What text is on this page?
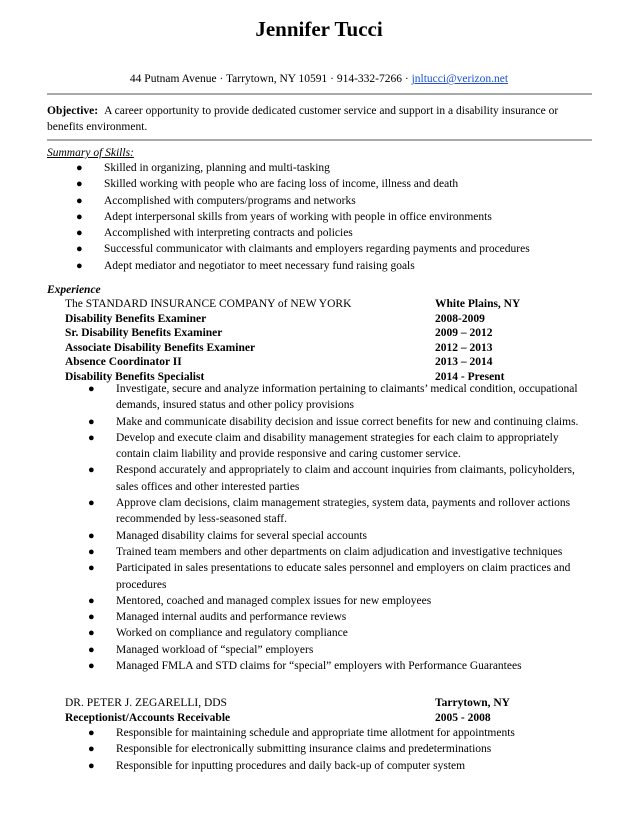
Jennifer Tucci
44 Putnam Avenue · Tarrytown, NY 10591 · 914-332-7266 · jnltucci@verizon.net
Objective: A career opportunity to provide dedicated customer service and support in a disability insurance or benefits environment.
Summary of Skills:
●	Skilled in organizing, planning and multi-tasking
●	Skilled working with people who are facing loss of income, illness and death
●	Accomplished with computers/programs and networks
●	Adept interpersonal skills from years of working with people in office environments
●	Accomplished with interpreting contracts and policies
●	Successful communicator with claimants and employers regarding payments and procedures
●	Adept mediator and negotiator to meet necessary fund raising goals
Experience
The STANDARD INSURANCE COMPANY of NEW YORK	White Plains, NY
Disability Benefits Examiner	2008-2009
Sr. Disability Benefits Examiner	2009 – 2012
Associate Disability Benefits Examiner	2012 – 2013
Absence Coordinator II	2013 – 2014
Disability Benefits Specialist	2014 - Present
●	Investigate, secure and analyze information pertaining to claimants’ medical condition, occupational demands, insured status and other policy provisions
●	Make and communicate disability decision and issue correct benefits for new and continuing claims.
●	Develop and execute claim and disability management strategies for each claim to appropriately contain claim liability and provide responsive and caring customer service.
●	Respond accurately and appropriately to claim and account inquiries from claimants, policyholders, sales offices and other interested parties
●	Approve clam decisions, claim management strategies, system data, payments and rollover actions recommended by less-seasoned staff.
●	Managed disability claims for several special accounts
●	Trained team members and other departments on claim adjudication and investigative techniques
●	Participated in sales presentations to educate sales personnel and employers on claim practices and procedures
●	Mentored, coached and managed complex issues for new employees
●	Managed internal audits and performance reviews
●	Worked on compliance and regulatory compliance
●	Managed workload of “special” employers
●	Managed FMLA and STD claims for “special” employers with Performance Guarantees
DR. PETER J. ZEGARELLI, DDS	Tarrytown, NY
Receptionist/Accounts Receivable	2005 - 2008
●	Responsible for maintaining schedule and appropriate time allotment for appointments
●	Responsible for electronically submitting insurance claims and predeterminations
●	Responsible for inputting procedures and daily back-up of computer system
